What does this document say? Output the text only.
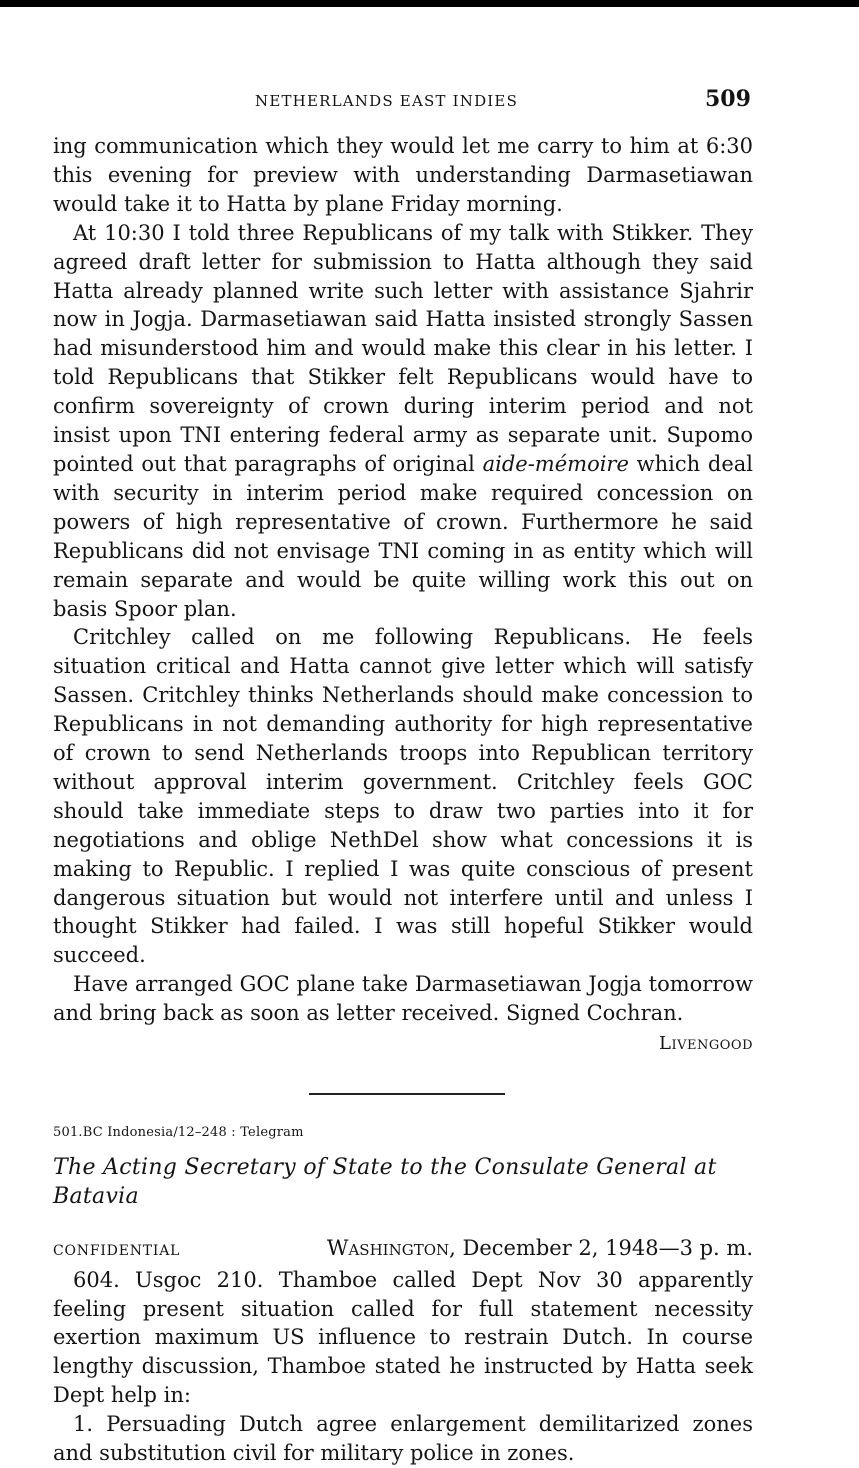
NETHERLANDS EAST INDIES	509

ing communication which they would let me carry to him at 6:30 this evening for preview with understanding Darmasetiawan would take it to Hatta by plane Friday morning.

At 10:30 I told three Republicans of my talk with Stikker. They agreed draft letter for submission to Hatta although they said Hatta already planned write such letter with assistance Sjahrir now in Jogja. Darmasetiawan said Hatta insisted strongly Sassen had misunderstood him and would make this clear in his letter. I told Republicans that Stikker felt Republicans would have to confirm sovereignty of crown during interim period and not insist upon TNI entering federal army as separate unit. Supomo pointed out that paragraphs of original aide-mémoire which deal with security in interim period make required concession on powers of high representative of crown. Furthermore he said Republicans did not envisage TNI coming in as entity which will remain separate and would be quite willing work this out on basis Spoor plan.

Critchley called on me following Republicans. He feels situation critical and Hatta cannot give letter which will satisfy Sassen. Critchley thinks Netherlands should make concession to Republicans in not demanding authority for high representative of crown to send Netherlands troops into Republican territory without approval interim government. Critchley feels GOC should take immediate steps to draw two parties into it for negotiations and oblige NethDel show what concessions it is making to Republic. I replied I was quite conscious of present dangerous situation but would not interfere until and unless I thought Stikker had failed. I was still hopeful Stikker would succeed.

Have arranged GOC plane take Darmasetiawan Jogja tomorrow and bring back as soon as letter received. Signed Cochran.

Livengood
501.BC Indonesia/12–248 : Telegram
The Acting Secretary of State to the Consulate General at Batavia
CONFIDENTIAL	Washington, December 2, 1948—3 p. m.

604. Usgoc 210. Thamboe called Dept Nov 30 apparently feeling present situation called for full statement necessity exertion maximum US influence to restrain Dutch. In course lengthy discussion, Thamboe stated he instructed by Hatta seek Dept help in:

1. Persuading Dutch agree enlargement demilitarized zones and substitution civil for military police in zones.
